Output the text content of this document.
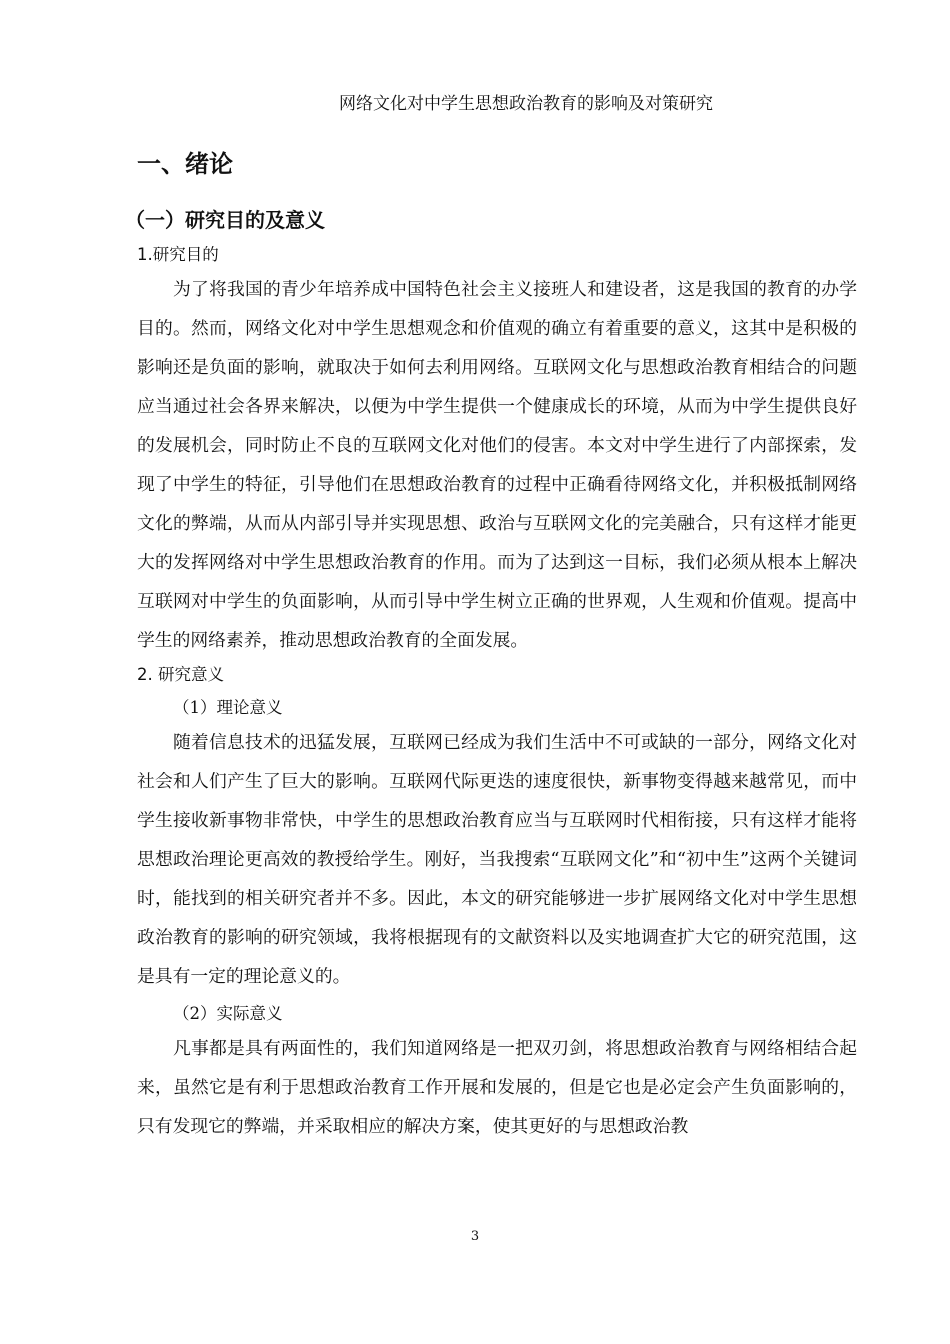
网络文化对中学生思想政治教育的影响及对策研究
一、绪论
（一）研究目的及意义
1.研究目的

为了将我国的青少年培养成中国特色社会主义接班人和建设者，这是我国的教育的办学目的。然而，网络文化对中学生思想观念和价值观的确立有着重要的意义，这其中是积极的影响还是负面的影响，就取决于如何去利用网络。互联网文化与思想政治教育相结合的问题应当通过社会各界来解决，以便为中学生提供一个健康成长的环境，从而为中学生提供良好的发展机会，同时防止不良的互联网文化对他们的侵害。本文对中学生进行了内部探索，发现了中学生的特征，引导他们在思想政治教育的过程中正确看待网络文化，并积极抵制网络文化的弊端，从而从内部引导并实现思想、政治与互联网文化的完美融合，只有这样才能更大的发挥网络对中学生思想政治教育的作用。而为了达到这一目标，我们必须从根本上解决互联网对中学生的负面影响，从而引导中学生树立正确的世界观，人生观和价值观。提高中学生的网络素养，推动思想政治教育的全面发展。

2. 研究意义
（1）理论意义

随着信息技术的迅猛发展，互联网已经成为我们生活中不可或缺的一部分，网络文化对社会和人们产生了巨大的影响。互联网代际更迭的速度很快，新事物变得越来越常见，而中学生接收新事物非常快，中学生的思想政治教育应当与互联网时代相衔接，只有这样才能将思想政治理论更高效的教授给学生。刚好，当我搜索“互联网文化”和“初中生”这两个关键词时，能找到的相关研究者并不多。因此，本文的研究能够进一步扩展网络文化对中学生思想政治教育的影响的研究领域，我将根据现有的文献资料以及实地调查扩大它的研究范围，这是具有一定的理论意义的。

（2）实际意义

凡事都是具有两面性的，我们知道网络是一把双刃剑，将思想政治教育与网络相结合起来，虽然它是有利于思想政治教育工作开展和发展的，但是它也是必定会产生负面影响的，只有发现它的弊端，并采取相应的解决方案，使其更好的与思想政治教

3
